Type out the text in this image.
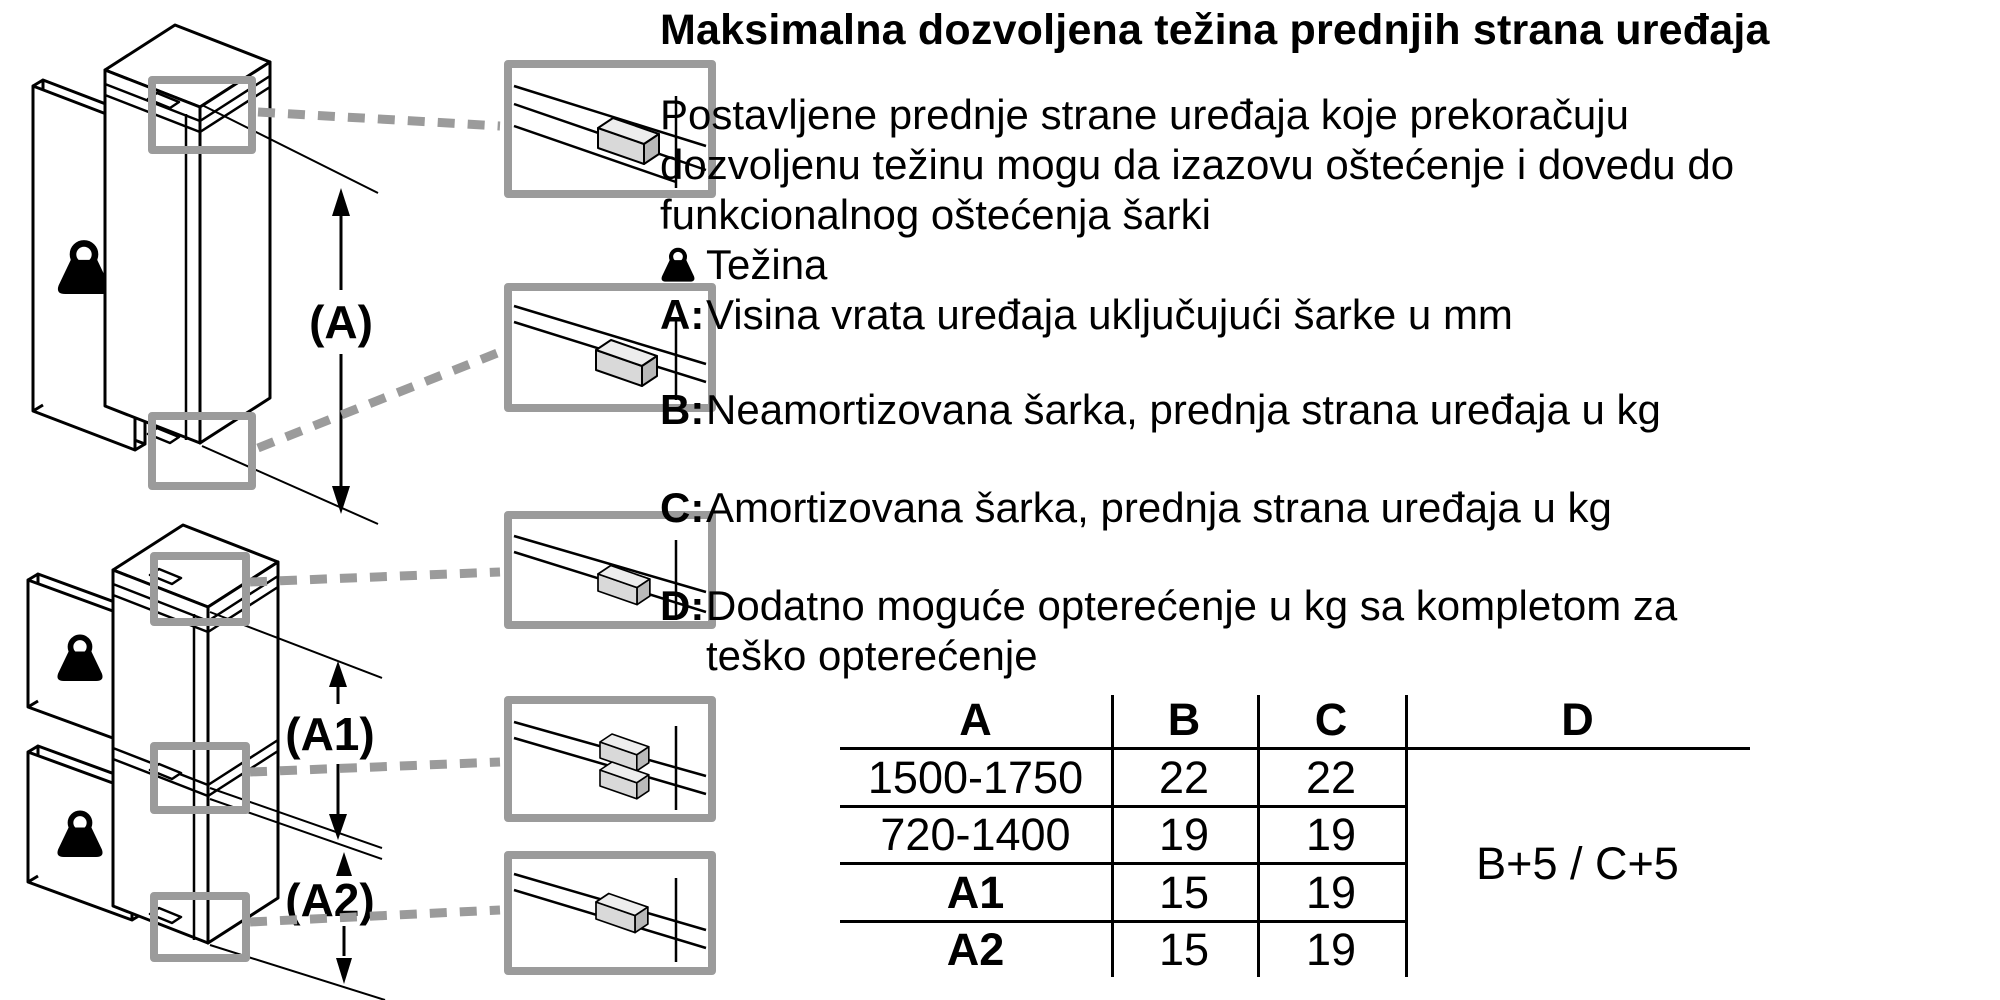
(A)
(A1)
(A2)
Maksimalna dozvoljena težina prednjih strana uređaja
Postavljene prednje strane uređaja koje prekoračuju
dozvoljenu težinu mogu da izazovu oštećenje i dovedu do
funkcionalnog oštećenja šarki
Težina
A: Visina vrata uređaja uključujući šarke u mm
B: Neamortizovana šarka, prednja strana uređaja u kg
C: Amortizovana šarka, prednja strana uređaja u kg
D: Dodatno moguće opterećenje u kg sa kompletom za
teško opterećenje
A	B	C	D
1500-1750	22	22
720-1400	19	19
A1	15	19
A2	15	19
B+5 / C+5
